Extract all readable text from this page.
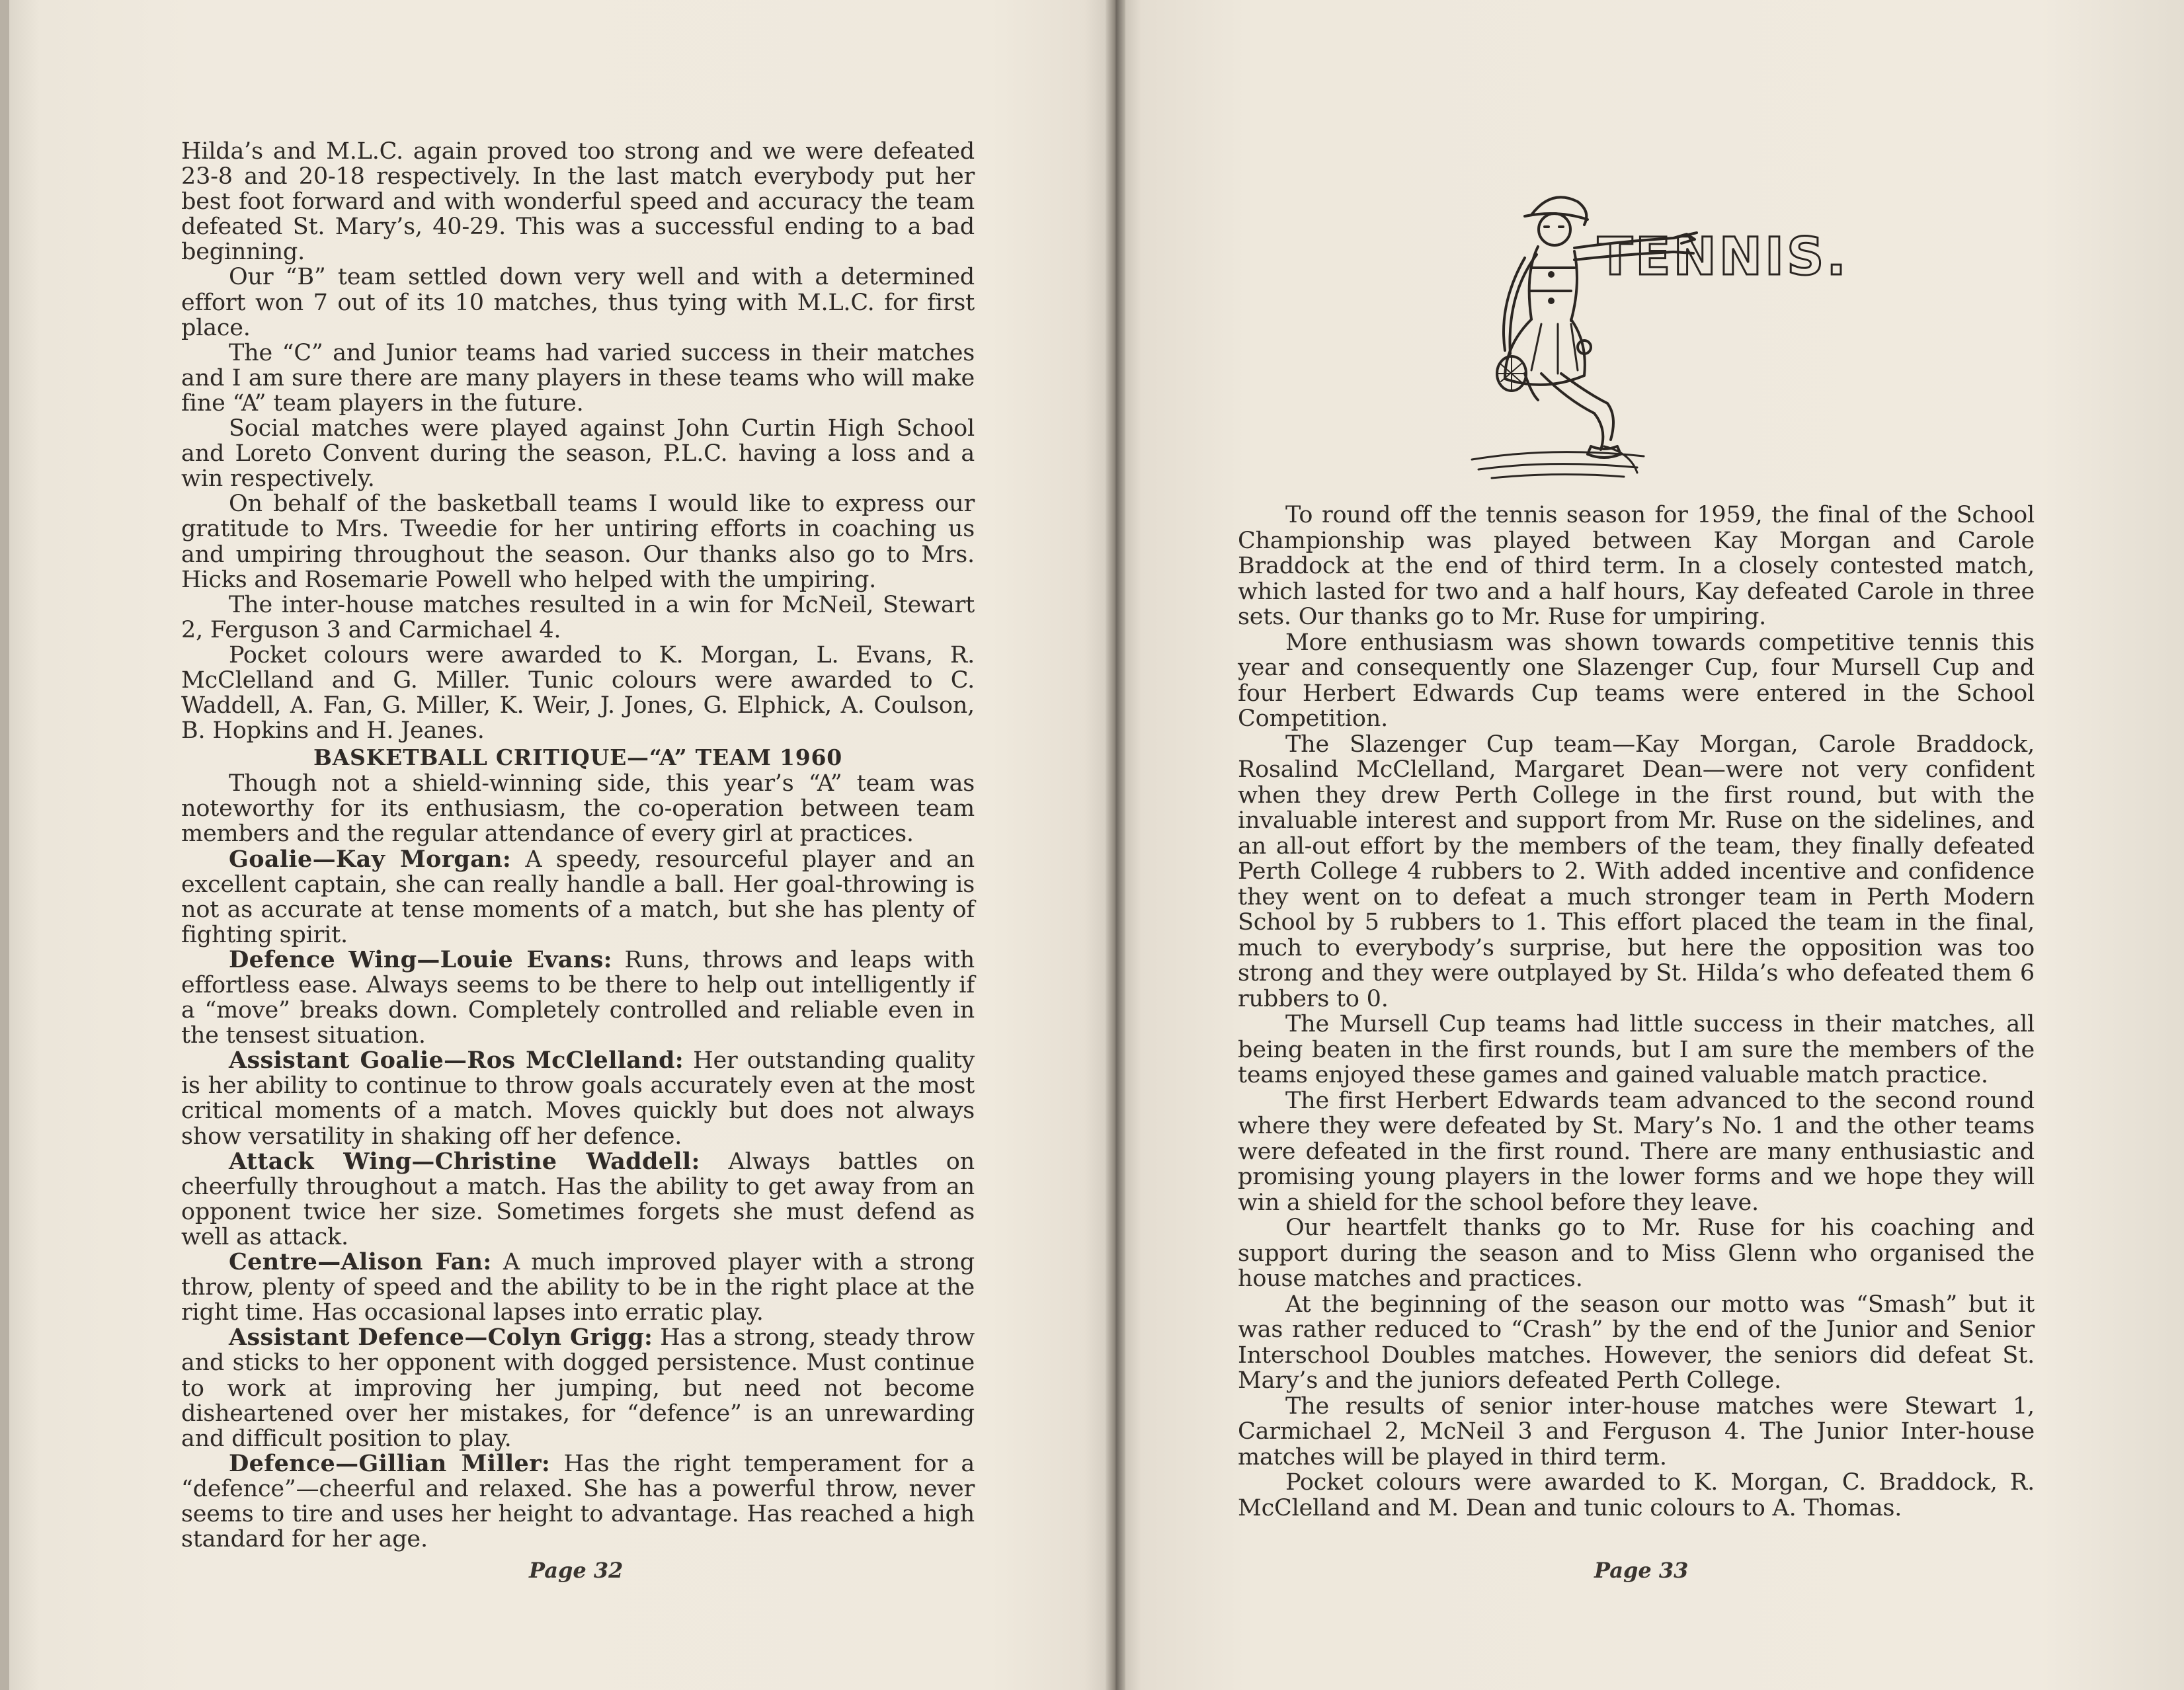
Hilda’s and M.L.C. again proved too strong and we were defeated 23-8 and 20-18 respectively. In the last match everybody put her best foot forward and with wonderful speed and accuracy the team defeated St. Mary’s, 40-29. This was a successful ending to a bad beginning.

Our “B” team settled down very well and with a determined effort won 7 out of its 10 matches, thus tying with M.L.C. for first place.

The “C” and Junior teams had varied success in their matches and I am sure there are many players in these teams who will make fine “A” team players in the future.

Social matches were played against John Curtin High School and Loreto Convent during the season, P.L.C. having a loss and a win respectively.

On behalf of the basketball teams I would like to express our gratitude to Mrs. Tweedie for her untiring efforts in coaching us and umpiring throughout the season. Our thanks also go to Mrs. Hicks and Rosemarie Powell who helped with the umpiring.

The inter-house matches resulted in a win for McNeil, Stewart 2, Ferguson 3 and Carmichael 4.

Pocket colours were awarded to K. Morgan, L. Evans, R. McClelland and G. Miller. Tunic colours were awarded to C. Waddell, A. Fan, G. Miller, K. Weir, J. Jones, G. Elphick, A. Coulson, B. Hopkins and H. Jeanes.

BASKETBALL CRITIQUE—“A” TEAM 1960

Though not a shield-winning side, this year’s “A” team was noteworthy for its enthusiasm, the co-operation between team members and the regular attendance of every girl at practices.

Goalie—Kay Morgan: A speedy, resourceful player and an excellent captain, she can really handle a ball. Her goal-throwing is not as accurate at tense moments of a match, but she has plenty of fighting spirit.

Defence Wing—Louie Evans: Runs, throws and leaps with effortless ease. Always seems to be there to help out intelligently if a “move” breaks down. Completely controlled and reliable even in the tensest situation.

Assistant Goalie—Ros McClelland: Her outstanding quality is her ability to continue to throw goals accurately even at the most critical moments of a match. Moves quickly but does not always show versatility in shaking off her defence.

Attack Wing—Christine Waddell: Always battles on cheerfully throughout a match. Has the ability to get away from an opponent twice her size. Sometimes forgets she must defend as well as attack.

Centre—Alison Fan: A much improved player with a strong throw, plenty of speed and the ability to be in the right place at the right time. Has occasional lapses into erratic play.

Assistant Defence—Colyn Grigg: Has a strong, steady throw and sticks to her opponent with dogged persistence. Must continue to work at improving her jumping, but need not become disheartened over her mistakes, for “defence” is an unrewarding and difficult position to play.

Defence—Gillian Miller: Has the right temperament for a “defence”—cheerful and relaxed. She has a powerful throw, never seems to tire and uses her height to advantage. Has reached a high standard for her age.

Page 32
TENNIS.

To round off the tennis season for 1959, the final of the School Championship was played between Kay Morgan and Carole Braddock at the end of third term. In a closely contested match, which lasted for two and a half hours, Kay defeated Carole in three sets. Our thanks go to Mr. Ruse for umpiring.

More enthusiasm was shown towards competitive tennis this year and consequently one Slazenger Cup, four Mursell Cup and four Herbert Edwards Cup teams were entered in the School Competition.

The Slazenger Cup team—Kay Morgan, Carole Braddock, Rosalind McClelland, Margaret Dean—were not very confident when they drew Perth College in the first round, but with the invaluable interest and support from Mr. Ruse on the sidelines, and an all-out effort by the members of the team, they finally defeated Perth College 4 rubbers to 2. With added incentive and confidence they went on to defeat a much stronger team in Perth Modern School by 5 rubbers to 1. This effort placed the team in the final, much to everybody’s surprise, but here the opposition was too strong and they were outplayed by St. Hilda’s who defeated them 6 rubbers to 0.

The Mursell Cup teams had little success in their matches, all being beaten in the first rounds, but I am sure the members of the teams enjoyed these games and gained valuable match practice.

The first Herbert Edwards team advanced to the second round where they were defeated by St. Mary’s No. 1 and the other teams were defeated in the first round. There are many enthusiastic and promising young players in the lower forms and we hope they will win a shield for the school before they leave.

Our heartfelt thanks go to Mr. Ruse for his coaching and support during the season and to Miss Glenn who organised the house matches and practices.

At the beginning of the season our motto was “Smash” but it was rather reduced to “Crash” by the end of the Junior and Senior Interschool Doubles matches. However, the seniors did defeat St. Mary’s and the juniors defeated Perth College.

The results of senior inter-house matches were Stewart 1, Carmichael 2, McNeil 3 and Ferguson 4. The Junior Inter-house matches will be played in third term.

Pocket colours were awarded to K. Morgan, C. Braddock, R. McClelland and M. Dean and tunic colours to A. Thomas.

Page 33
